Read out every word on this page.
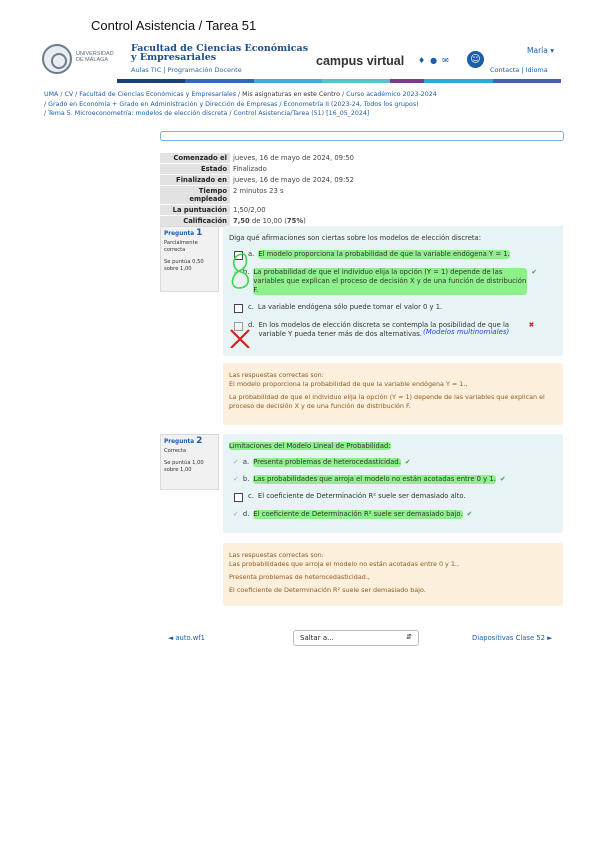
Control Asistencia / Tarea 51
UNIVERSIDAD
DE MÁLAGA
Facultad de Ciencias Económicas
y Empresariales
Aulas TIC | Programación Docente
campus virtual ♦●✉	☺
María ▾
Contacta | Idioma
UMA / CV / Facultad de Ciencias Económicas y Empresariales / Mis asignaturas en este Centro / Curso académico 2023-2024
/ Grado en Economía + Grado en Administración y Dirección de Empresas / Econometría II (2023-24, Todos los grupos)
/ Tema 5. Microeconometría: modelos de elección discreta / Control Asistencia/Tarea (51) [16_05_2024]
Comenzado el	jueves, 16 de mayo de 2024, 09:50
Estado	Finalizado
Finalizado en	jueves, 16 de mayo de 2024, 09:52
Tiempo empleado	2 minutos 23 s
La puntuación	1,50/2,00
Calificación	7,50 de 10,00 (75%)
Pregunta 1
Parcialmente correcta
Se puntúa 0,50 sobre 1,00
Diga qué afirmaciones son ciertas sobre los modelos de elección discreta:
a. El modelo proporciona la probabilidad de que la variable endógena Y = 1.
✓ b. La probabilidad de que el individuo elija la opción (Y = 1) depende de las variables que explican el proceso de decisión X y de una función de distribución F.
✔
c. La variable endógena sólo puede tomar el valor 0 y 1.
d. En los modelos de elección discreta se contempla la posibilidad de que la variable Y pueda tener más de dos alternativas.
✖
(Modelos multinomiales)

Las respuestas correctas son:

El modelo proporciona la probabilidad de que la variable endógena Y = 1.,

La probabilidad de que el individuo elija la opción (Y = 1) depende de las variables que explican el proceso de decisión X y de una función de distribución F.

Pregunta 2
Correcta
Se puntúa 1,00 sobre 1,00
Limitaciones del Modelo Lineal de Probabilidad:
✓ a. Presenta problemas de heterocedasticidad. ✔
✓ b. Las probabilidades que arroja el modelo no están acotadas entre 0 y 1. ✔
c. El coeficiente de Determinación R² suele ser demasiado alto.
✓ d. El coeficiente de Determinación R² suele ser demasiado bajo. ✔

Las respuestas correctas son:

Las probabilidades que arroja el modelo no están acotadas entre 0 y 1.,

Presenta problemas de heterocedasticidad.,

El coeficiente de Determinación R² suele ser demasiado bajo.

◄ auto.wf1	Saltar a...	⇵	Diapositivas Clase 52 ►
